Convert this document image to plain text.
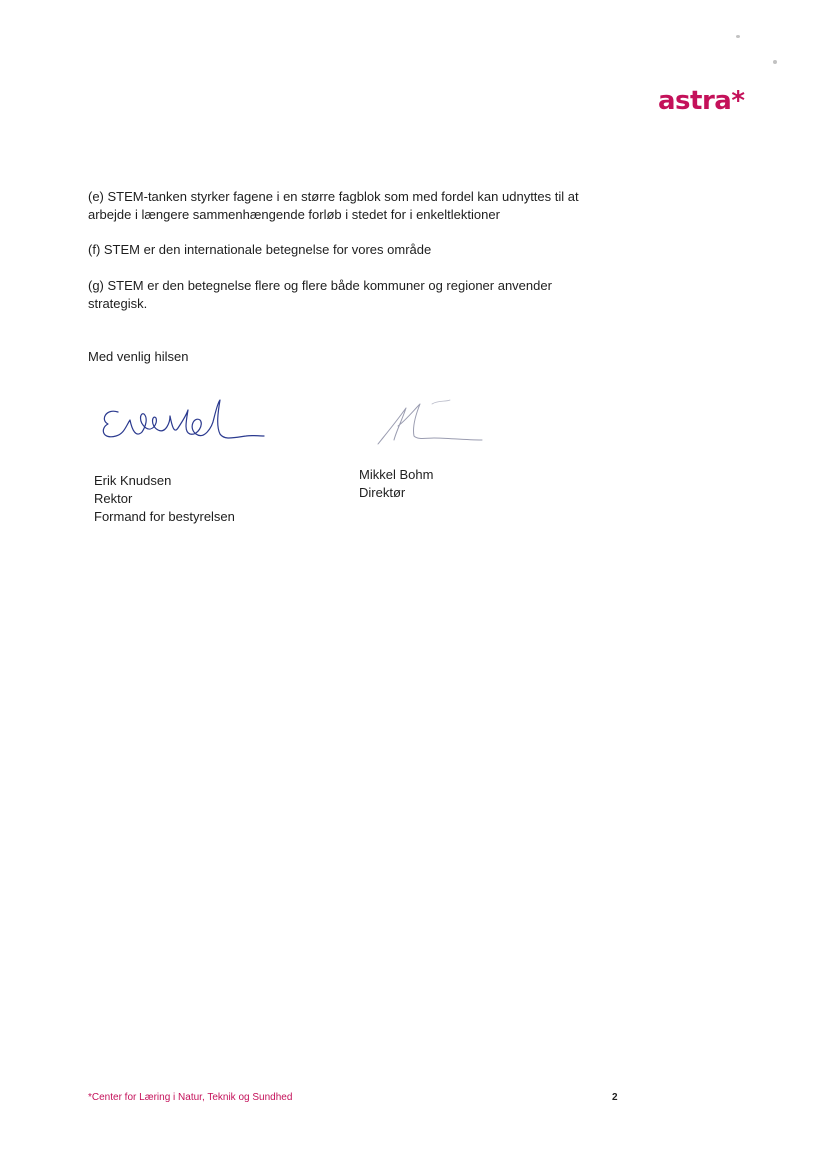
astra*
(e) STEM-tanken styrker fagene i en større fagblok som med fordel kan udnyttes til at arbejde i længere sammenhængende forløb i stedet for i enkeltlektioner
(f) STEM er den internationale betegnelse for vores område
(g) STEM er den betegnelse flere og flere både kommuner og regioner anvender strategisk.
Med venlig hilsen
Erik Knudsen
Rektor
Formand for bestyrelsen
Mikkel Bohm
Direktør
*Center for Læring i Natur, Teknik og Sundhed	2
